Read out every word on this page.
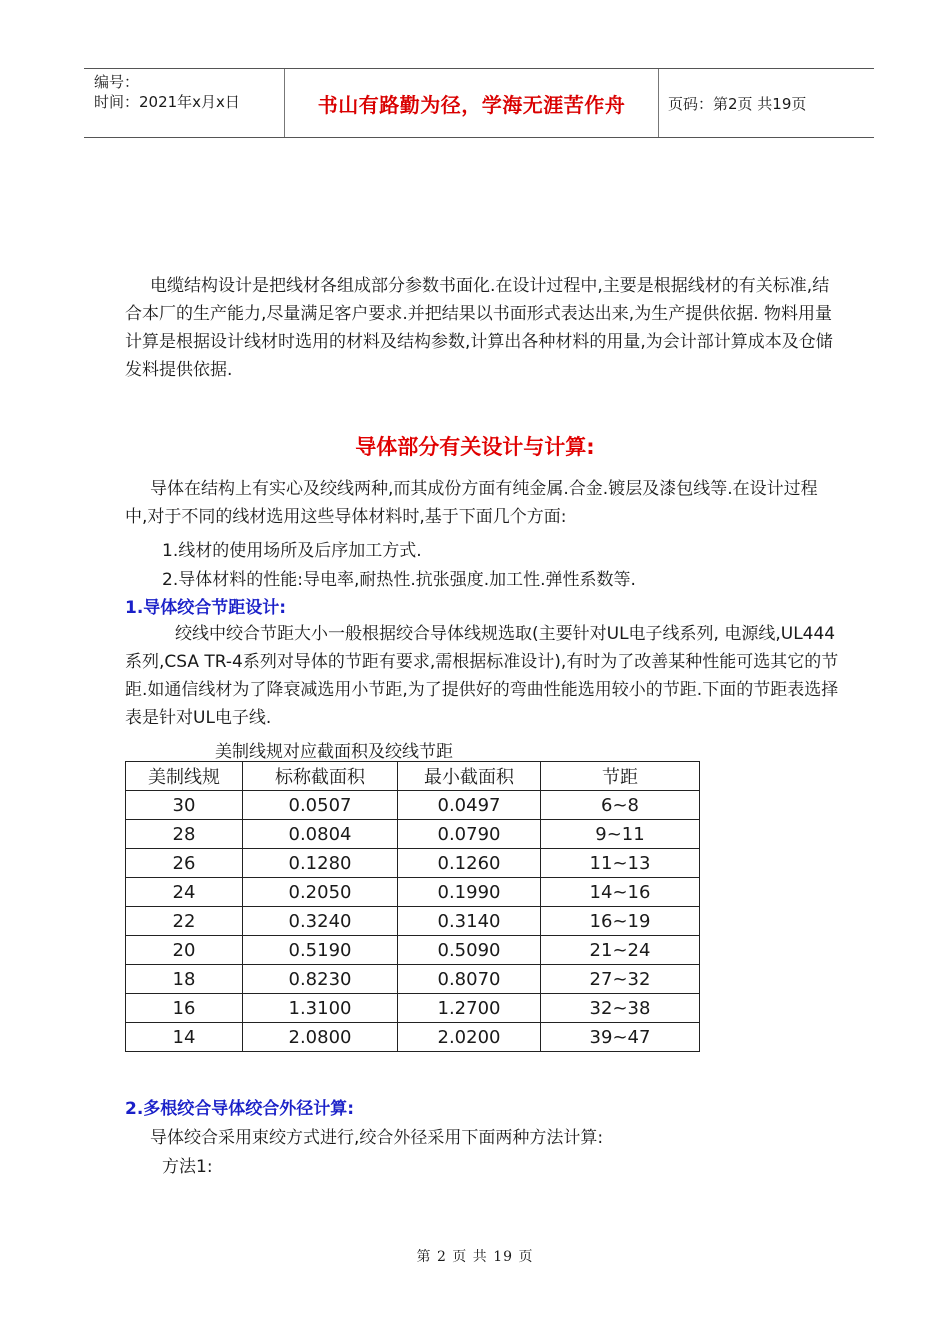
编号：
时间：2021年x月x日	书山有路勤为径，学海无涯苦作舟	页码：第2页 共19页
电缆结构设计是把线材各组成部分参数书面化.在设计过程中,主要是根据线材的有关标准,结合本厂的生产能力,尽量满足客户要求.并把结果以书面形式表达出来,为生产提供依据. 物料用量计算是根据设计线材时选用的材料及结构参数,计算出各种材料的用量,为会计部计算成本及仓储发料提供依据.
导体部分有关设计与计算:
导体在结构上有实心及绞线两种,而其成份方面有纯金属.合金.镀层及漆包线等.在设计过程中,对于不同的线材选用这些导体材料时,基于下面几个方面:
1.线材的使用场所及后序加工方式.
2.导体材料的性能:导电率,耐热性.抗张强度.加工性.弹性系数等.
1.导体绞合节距设计:
绞线中绞合节距大小一般根据绞合导体线规选取(主要针对UL电子线系列, 电源线,UL444系列,CSA TR-4系列对导体的节距有要求,需根据标准设计),有时为了改善某种性能可选其它的节距.如通信线材为了降衰减选用小节距,为了提供好的弯曲性能选用较小的节距.下面的节距表选择表是针对UL电子线.
美制线规对应截面积及绞线节距
美制线规	标称截面积	最小截面积	节距
30	0.0507	0.0497	6~8
28	0.0804	0.0790	9~11
26	0.1280	0.1260	11~13
24	0.2050	0.1990	14~16
22	0.3240	0.3140	16~19
20	0.5190	0.5090	21~24
18	0.8230	0.8070	27~32
16	1.3100	1.2700	32~38
14	2.0800	2.0200	39~47
2.多根绞合导体绞合外径计算:
导体绞合采用束绞方式进行,绞合外径采用下面两种方法计算:
方法1:
第 2 页 共 19 页
